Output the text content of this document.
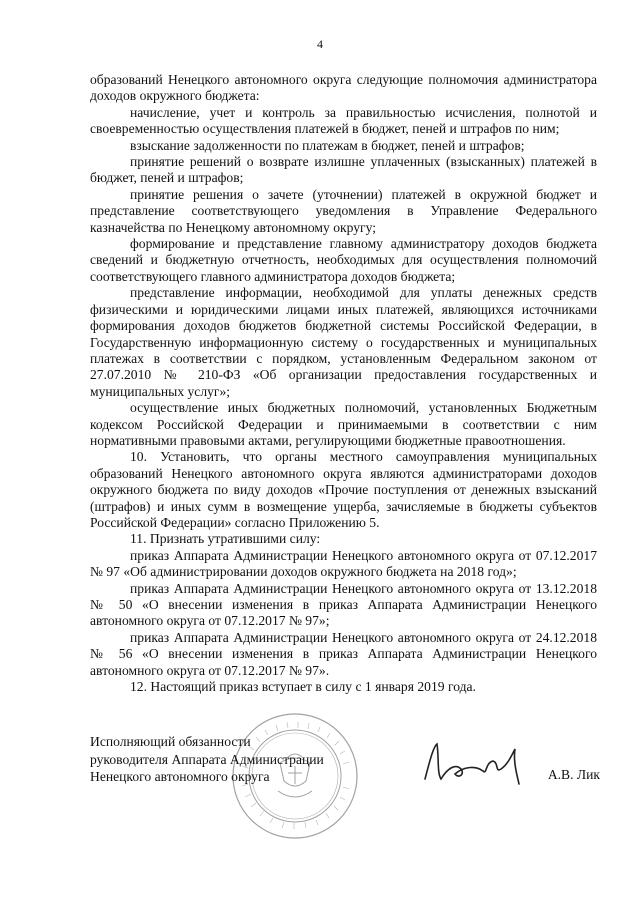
4

образований Ненецкого автономного округа следующие полномочия администратора доходов окружного бюджета:

начисление, учет и контроль за правильностью исчисления, полнотой и своевременностью осуществления платежей в бюджет, пеней и штрафов по ним;

взыскание задолженности по платежам в бюджет, пеней и штрафов;

принятие решений о возврате излишне уплаченных (взысканных) платежей в бюджет, пеней и штрафов;

принятие решения о зачете (уточнении) платежей в окружной бюджет и представление соответствующего уведомления в Управление Федерального казначейства по Ненецкому автономному округу;

формирование и представление главному администратору доходов бюджета сведений и бюджетную отчетность, необходимых для осуществления полномочий соответствующего главного администратора доходов бюджета;

представление информации, необходимой для уплаты денежных средств физическими и юридическими лицами иных платежей, являющихся источниками формирования доходов бюджетов бюджетной системы Российской Федерации, в Государственную информационную систему о государственных и муниципальных платежах в соответствии с порядком, установленным Федеральном законом от 27.07.2010 № 210-ФЗ «Об организации предоставления государственных и муниципальных услуг»;

осуществление иных бюджетных полномочий, установленных Бюджетным кодексом Российской Федерации и принимаемыми в соответствии с ним нормативными правовыми актами, регулирующими бюджетные правоотношения.

10. Установить, что органы местного самоуправления муниципальных образований Ненецкого автономного округа являются администраторами доходов окружного бюджета по виду доходов «Прочие поступления от денежных взысканий (штрафов) и иных сумм в возмещение ущерба, зачисляемые в бюджеты субъектов Российской Федерации» согласно Приложению 5.

11. Признать утратившими силу:

приказ Аппарата Администрации Ненецкого автономного округа от 07.12.2017 № 97 «Об администрировании доходов окружного бюджета на 2018 год»;

приказ Аппарата Администрации Ненецкого автономного округа от 13.12.2018 № 50 «О внесении изменения в приказ Аппарата Администрации Ненецкого автономного округа от 07.12.2017 № 97»;

приказ Аппарата Администрации Ненецкого автономного округа от 24.12.2018 № 56 «О внесении изменения в приказ Аппарата Администрации Ненецкого автономного округа от 07.12.2017 № 97».

12. Настоящий приказ вступает в силу с 1 января 2019 года.

Исполняющий обязанности
руководителя Аппарата Администрации
Ненецкого автономного округа	А.В. Лик
